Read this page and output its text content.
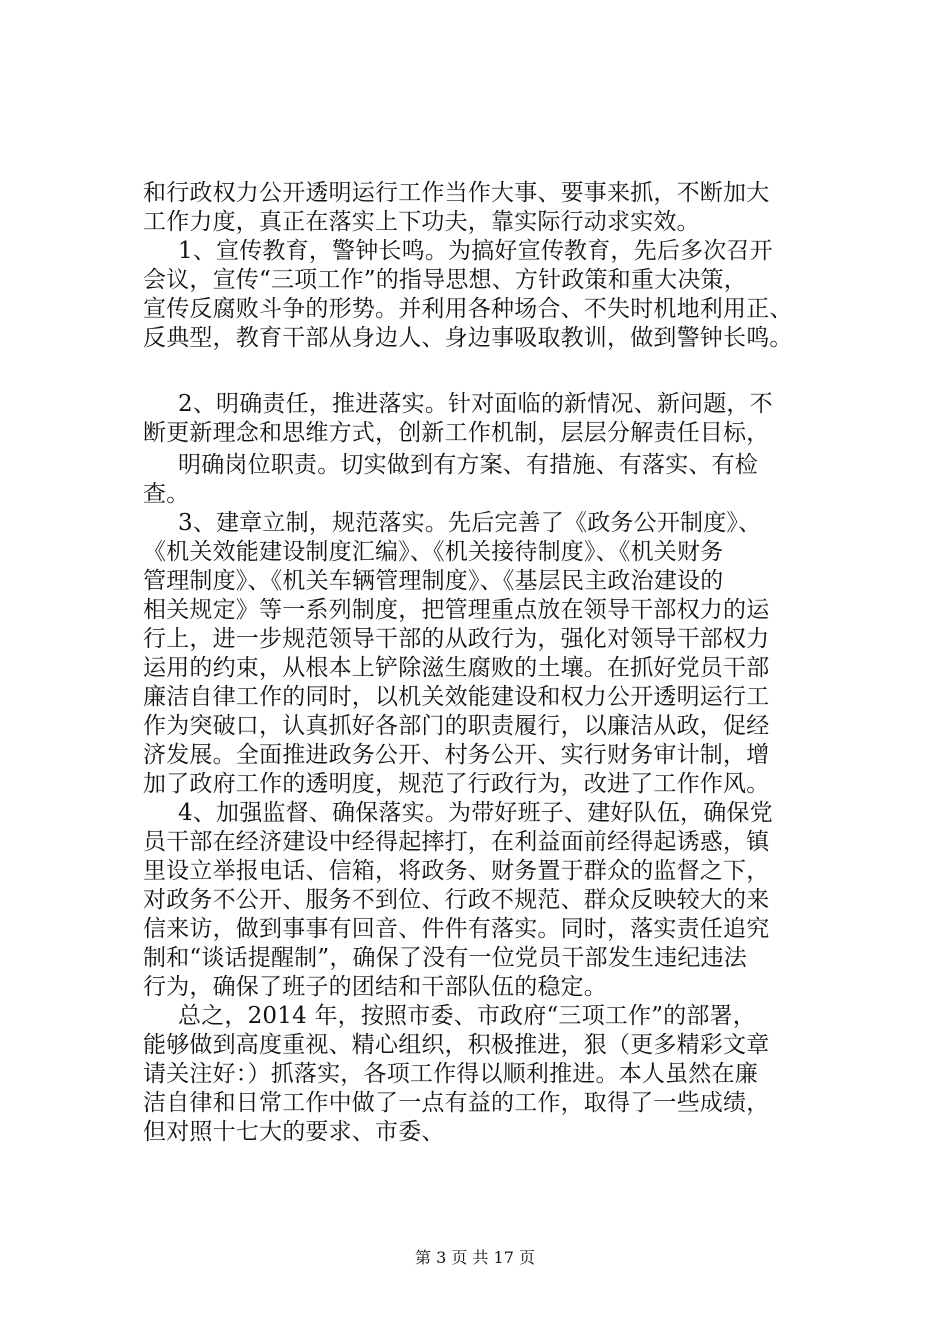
和行政权力公开透明运行工作当作大事、要事来抓，不断加大
工作力度，真正在落实上下功夫，靠实际行动求实效。
1、宣传教育，警钟长鸣。为搞好宣传教育，先后多次召开
会议，宣传“三项工作”的指导思想、方针政策和重大决策，
宣传反腐败斗争的形势。并利用各种场合、不失时机地利用正、
反典型，教育干部从身边人、身边事吸取教训，做到警钟长鸣。
2、明确责任，推进落实。针对面临的新情况、新问题，不
断更新理念和思维方式，创新工作机制，层层分解责任目标，
明确岗位职责。切实做到有方案、有措施、有落实、有检
查。
3、建章立制，规范落实。先后完善了《政务公开制度》、
《机关效能建设制度汇编》、《机关接待制度》、《机关财务
管理制度》、《机关车辆管理制度》、《基层民主政治建设的
相关规定》等一系列制度，把管理重点放在领导干部权力的运
行上，进一步规范领导干部的从政行为，强化对领导干部权力
运用的约束，从根本上铲除滋生腐败的土壤。在抓好党员干部
廉洁自律工作的同时，以机关效能建设和权力公开透明运行工
作为突破口，认真抓好各部门的职责履行，以廉洁从政，促经
济发展。全面推进政务公开、村务公开、实行财务审计制，增
加了政府工作的透明度，规范了行政行为，改进了工作作风。
4、加强监督、确保落实。为带好班子、建好队伍，确保党
员干部在经济建设中经得起摔打，在利益面前经得起诱惑，镇
里设立举报电话、信箱，将政务、财务置于群众的监督之下，
对政务不公开、服务不到位、行政不规范、群众反映较大的来
信来访，做到事事有回音、件件有落实。同时，落实责任追究
制和“谈话提醒制”，确保了没有一位党员干部发生违纪违法
行为，确保了班子的团结和干部队伍的稳定。
总之，2014 年，按照市委、市政府“三项工作”的部署，
能够做到高度重视、精心组织，积极推进，狠（更多精彩文章
请关注好：）抓落实，各项工作得以顺利推进。本人虽然在廉
洁自律和日常工作中做了一点有益的工作，取得了一些成绩，
但对照十七大的要求、市委、
第 3 页 共 17 页
